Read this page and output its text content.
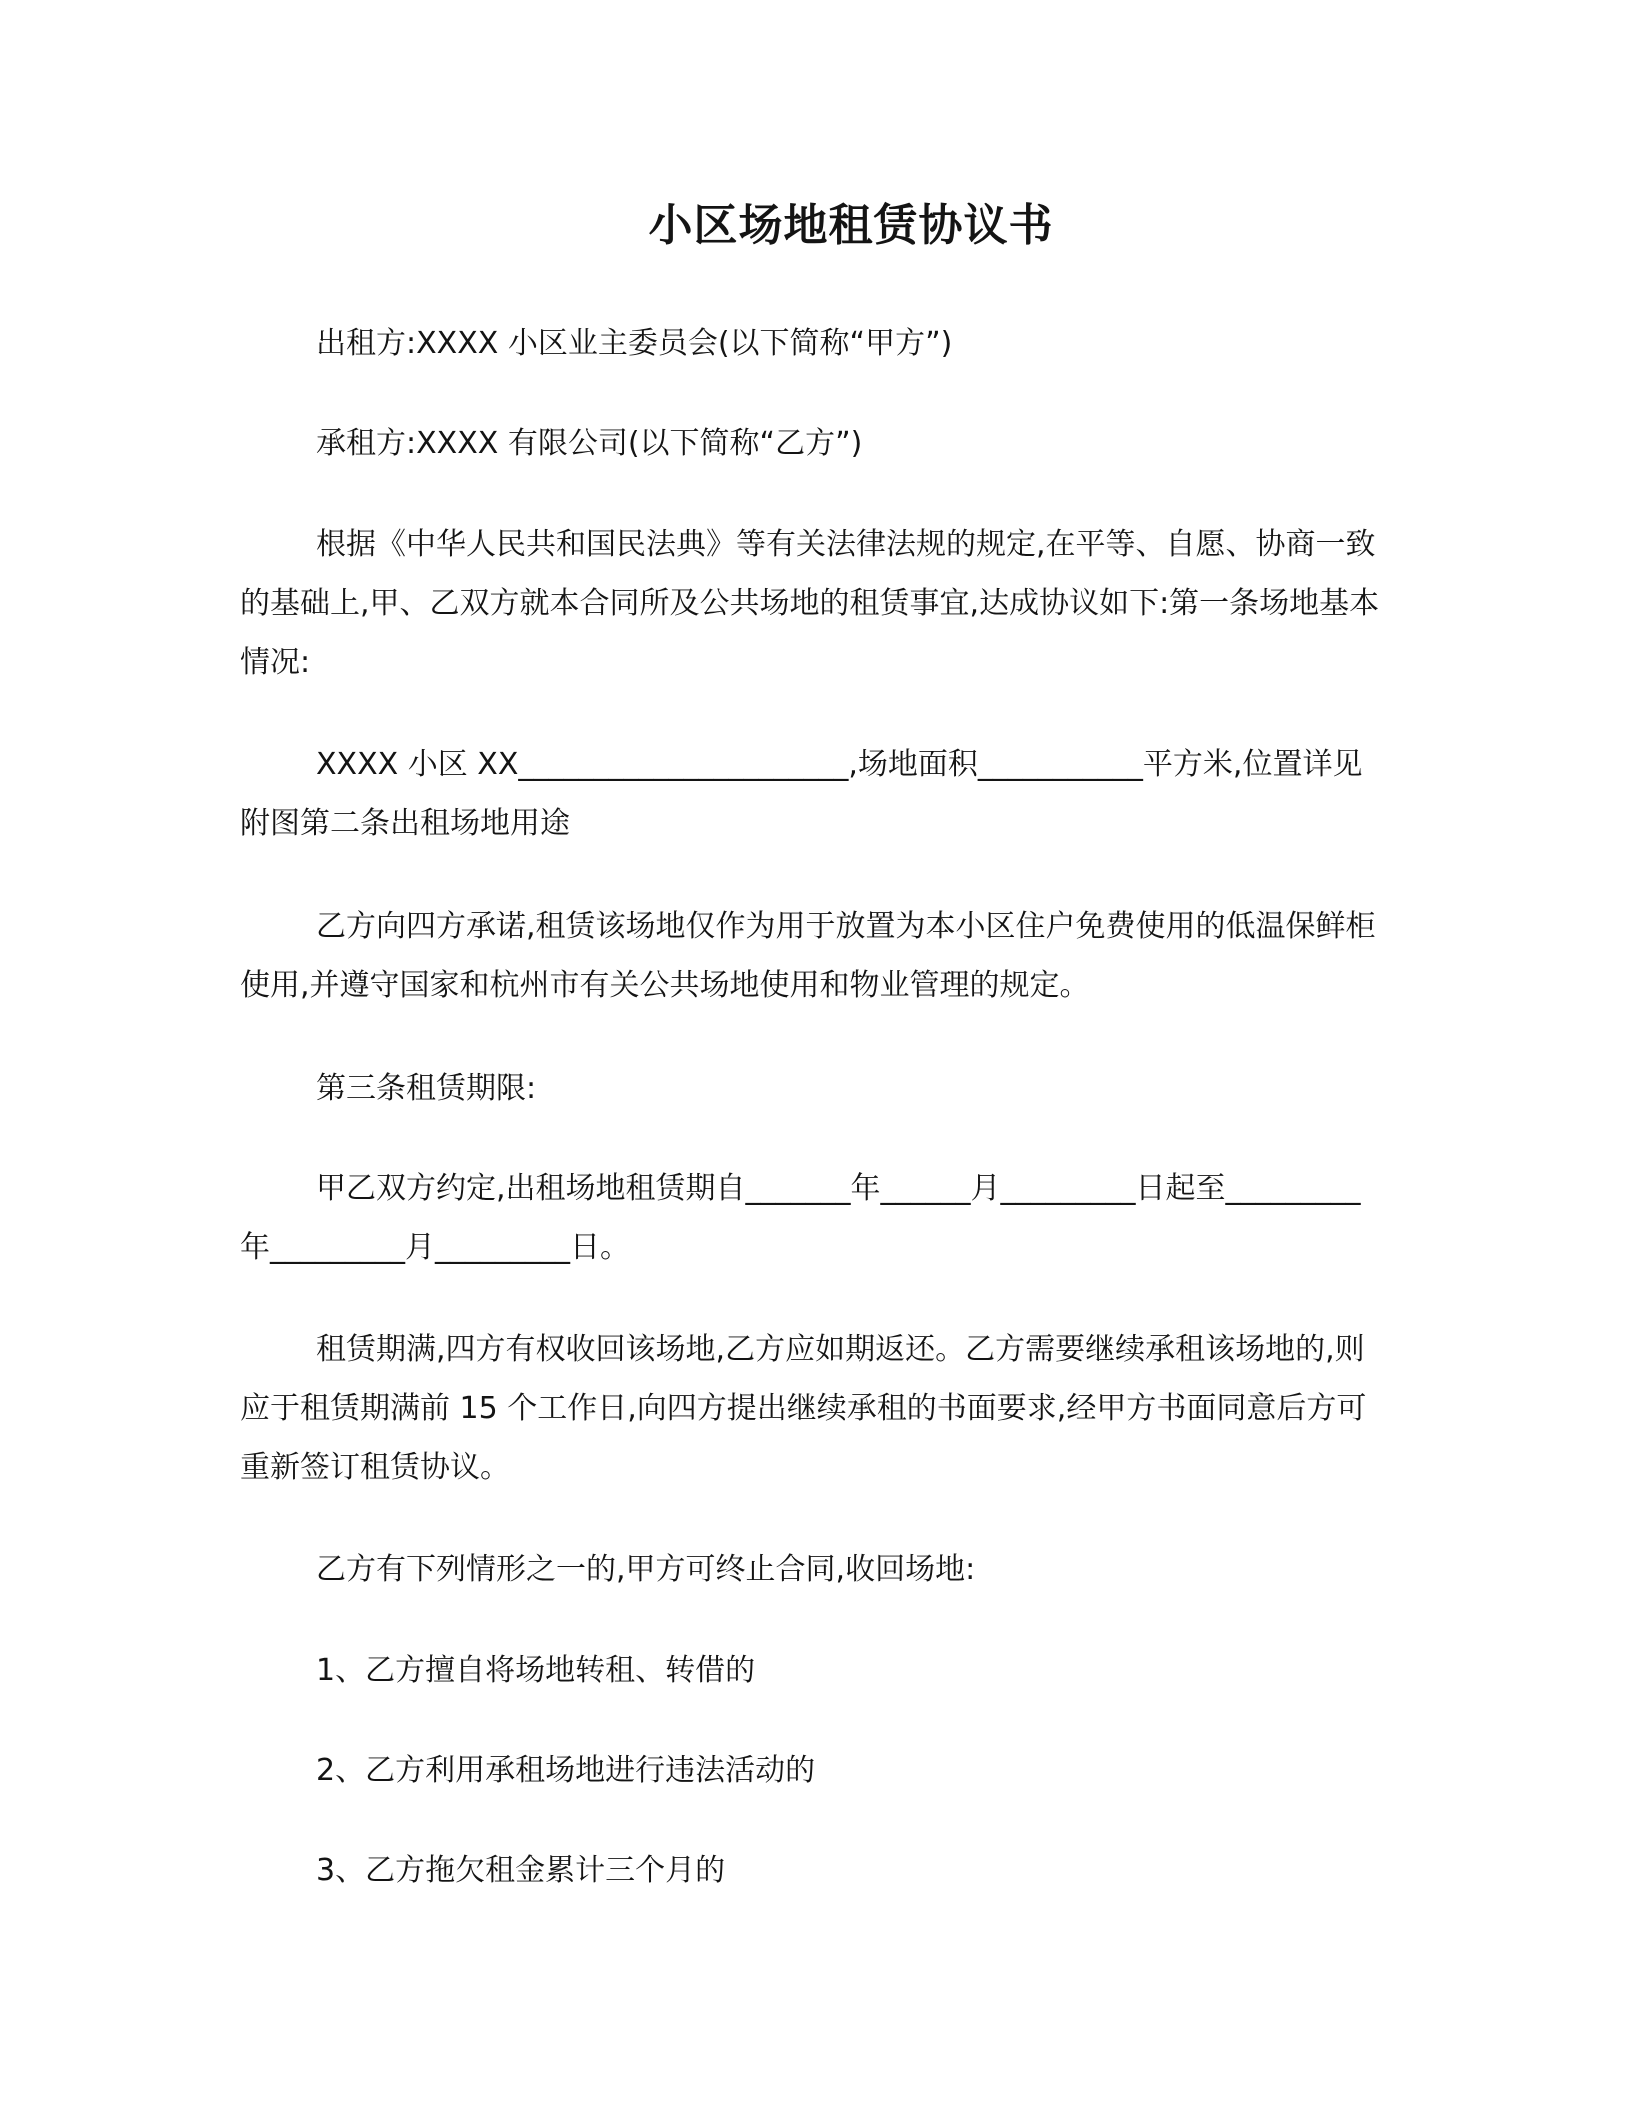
小区场地租赁协议书

出租方:XXXX 小区业主委员会(以下简称“甲方”)

承租方:XXXX 有限公司(以下简称“乙方”)

根据《中华人民共和国民法典》等有关法律法规的规定,在平等、自愿、协商一致的基础上,甲、乙双方就本合同所及公共场地的租赁事宜,达成协议如下:第一条场地基本情况:

XXXX 小区 XX______________________,场地面积___________平方米,位置详见附图第二条出租场地用途

乙方向四方承诺,租赁该场地仅作为用于放置为本小区住户免费使用的低温保鲜柜使用,并遵守国家和杭州市有关公共场地使用和物业管理的规定。

第三条租赁期限:

甲乙双方约定,出租场地租赁期自_______年______月_________日起至_________年_________月_________日。

租赁期满,四方有权收回该场地,乙方应如期返还。乙方需要继续承租该场地的,则应于租赁期满前 15 个工作日,向四方提出继续承租的书面要求,经甲方书面同意后方可重新签订租赁协议。

乙方有下列情形之一的,甲方可终止合同,收回场地:

1、乙方擅自将场地转租、转借的

2、乙方利用承租场地进行违法活动的

3、乙方拖欠租金累计三个月的
